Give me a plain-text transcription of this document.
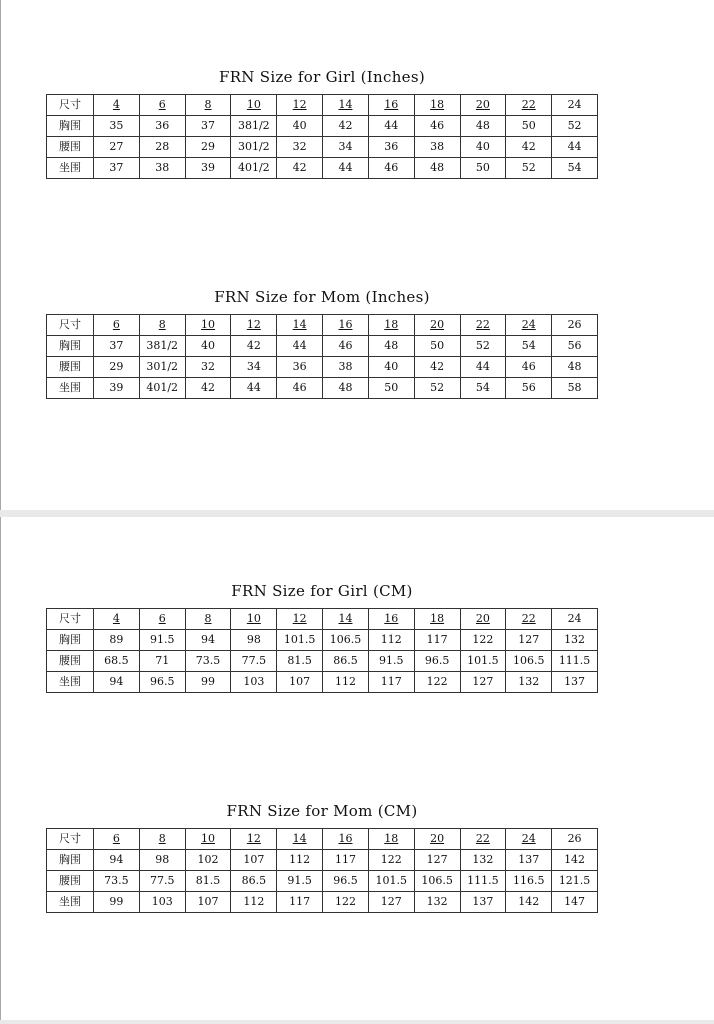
FRN Size for Girl (Inches)
尺寸	4	6	8	10	12	14	16	18	20	22	24
胸围	35	36	37	381/2	40	42	44	46	48	50	52
腰围	27	28	29	301/2	32	34	36	38	40	42	44
坐围	37	38	39	401/2	42	44	46	48	50	52	54
FRN Size for Mom (Inches)
尺寸	6	8	10	12	14	16	18	20	22	24	26
胸围	37	381/2	40	42	44	46	48	50	52	54	56
腰围	29	301/2	32	34	36	38	40	42	44	46	48
坐围	39	401/2	42	44	46	48	50	52	54	56	58
FRN Size for Girl (CM)
尺寸	4	6	8	10	12	14	16	18	20	22	24
胸围	89	91.5	94	98	101.5	106.5	112	117	122	127	132
腰围	68.5	71	73.5	77.5	81.5	86.5	91.5	96.5	101.5	106.5	111.5
坐围	94	96.5	99	103	107	112	117	122	127	132	137
FRN Size for Mom (CM)
尺寸	6	8	10	12	14	16	18	20	22	24	26
胸围	94	98	102	107	112	117	122	127	132	137	142
腰围	73.5	77.5	81.5	86.5	91.5	96.5	101.5	106.5	111.5	116.5	121.5
坐围	99	103	107	112	117	122	127	132	137	142	147
